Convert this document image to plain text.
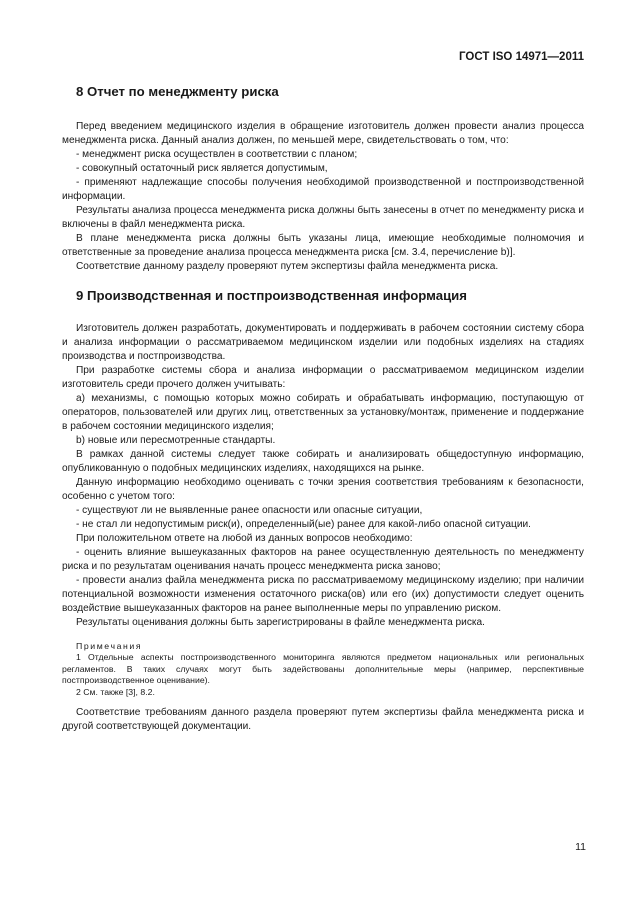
ГОСТ ISO 14971—2011
8 Отчет по менеджменту риска

Перед введением медицинского изделия в обращение изготовитель должен провести анализ процесса менеджмента риска. Данный анализ должен, по меньшей мере, свидетельствовать о том, что:

- менеджмент риска осуществлен в соответствии с планом;

- совокупный остаточный риск является допустимым,

- применяют надлежащие способы получения необходимой производственной и постпроизводственной информации.

Результаты анализа процесса менеджмента риска должны быть занесены в отчет по менеджменту риска и включены в файл менеджмента риска.

В плане менеджмента риска должны быть указаны лица, имеющие необходимые полномочия и ответственные за проведение анализа процесса менеджмента риска [см. 3.4, перечисление b)].

Соответствие данному разделу проверяют путем экспертизы файла менеджмента риска.

9 Производственная и постпроизводственная информация

Изготовитель должен разработать, документировать и поддерживать в рабочем состоянии систему сбора и анализа информации о рассматриваемом медицинском изделии или подобных изделиях на стадиях производства и постпроизводства.

При разработке системы сбора и анализа информации о рассматриваемом медицинском изделии изготовитель среди прочего должен учитывать:

а) механизмы, с помощью которых можно собирать и обрабатывать информацию, поступающую от операторов, пользователей или других лиц, ответственных за установку/монтаж, применение и поддержание в рабочем состоянии медицинского изделия;

b) новые или пересмотренные стандарты.

В рамках данной системы следует также собирать и анализировать общедоступную информацию, опубликованную о подобных медицинских изделиях, находящихся на рынке.

Данную информацию необходимо оценивать с точки зрения соответствия требованиям к безопасности, особенно с учетом того:

- существуют ли не выявленные ранее опасности или опасные ситуации,

- не стал ли недопустимым риск(и), определенный(ые) ранее для какой-либо опасной ситуации.

При положительном ответе на любой из данных вопросов необходимо:

- оценить влияние вышеуказанных факторов на ранее осуществленную деятельность по менеджменту риска и по результатам оценивания начать процесс менеджмента риска заново;

- провести анализ файла менеджмента риска по рассматриваемому медицинскому изделию; при наличии потенциальной возможности изменения остаточного риска(ов) или его (их) допустимости следует оценить воздействие вышеуказанных факторов на ранее выполненные меры по управлению риском.

Результаты оценивания должны быть зарегистрированы в файле менеджмента риска.

Примечания

1 Отдельные аспекты постпроизводственного мониторинга являются предметом национальных или региональных регламентов. В таких случаях могут быть задействованы дополнительные меры (например, перспективные постпроизводственное оценивание).

2 См. также [3], 8.2.

Соответствие требованиям данного раздела проверяют путем экспертизы файла менеджмента риска и другой соответствующей документации.

11
